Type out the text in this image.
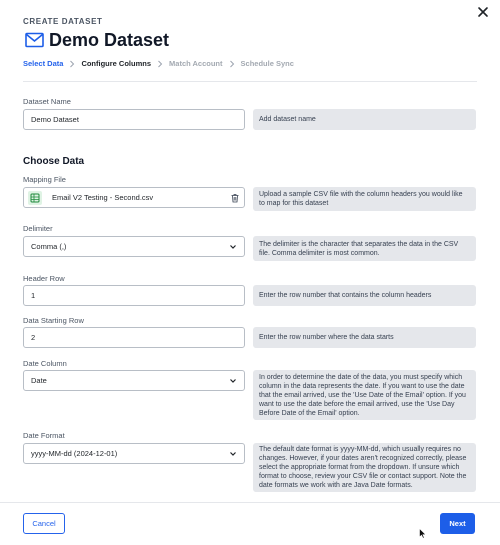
CREATE DATASET
Demo Dataset
Select Data Configure Columns Match Account Schedule Sync
Dataset Name
Demo Dataset	Add dataset name
Choose Data
Mapping File
Email V2 Testing - Second.csv	Upload a sample CSV file with the column headers you would like to map for this dataset
Delimiter
Comma (,)	The delimiter is the character that separates the data in the CSV file. Comma delimiter is most common.
Header Row
1	Enter the row number that contains the column headers
Data Starting Row
2	Enter the row number where the data starts
Date Column
Date	In order to determine the date of the data, you must specify which column in the data represents the date. If you want to use the date that the email arrived, use the 'Use Date of the Email' option. If you want to use the date before the email arrived, use the 'Use Day Before Date of the Email' option.
Date Format
yyyy-MM-dd (2024-12-01)	The default date format is yyyy-MM-dd, which usually requires no changes. However, if your dates aren't recognized correctly, please select the appropriate format from the dropdown. If unsure which format to choose, review your CSV file or contact support. Note the date formats we work with are Java Date formats.
Cancel	Next
